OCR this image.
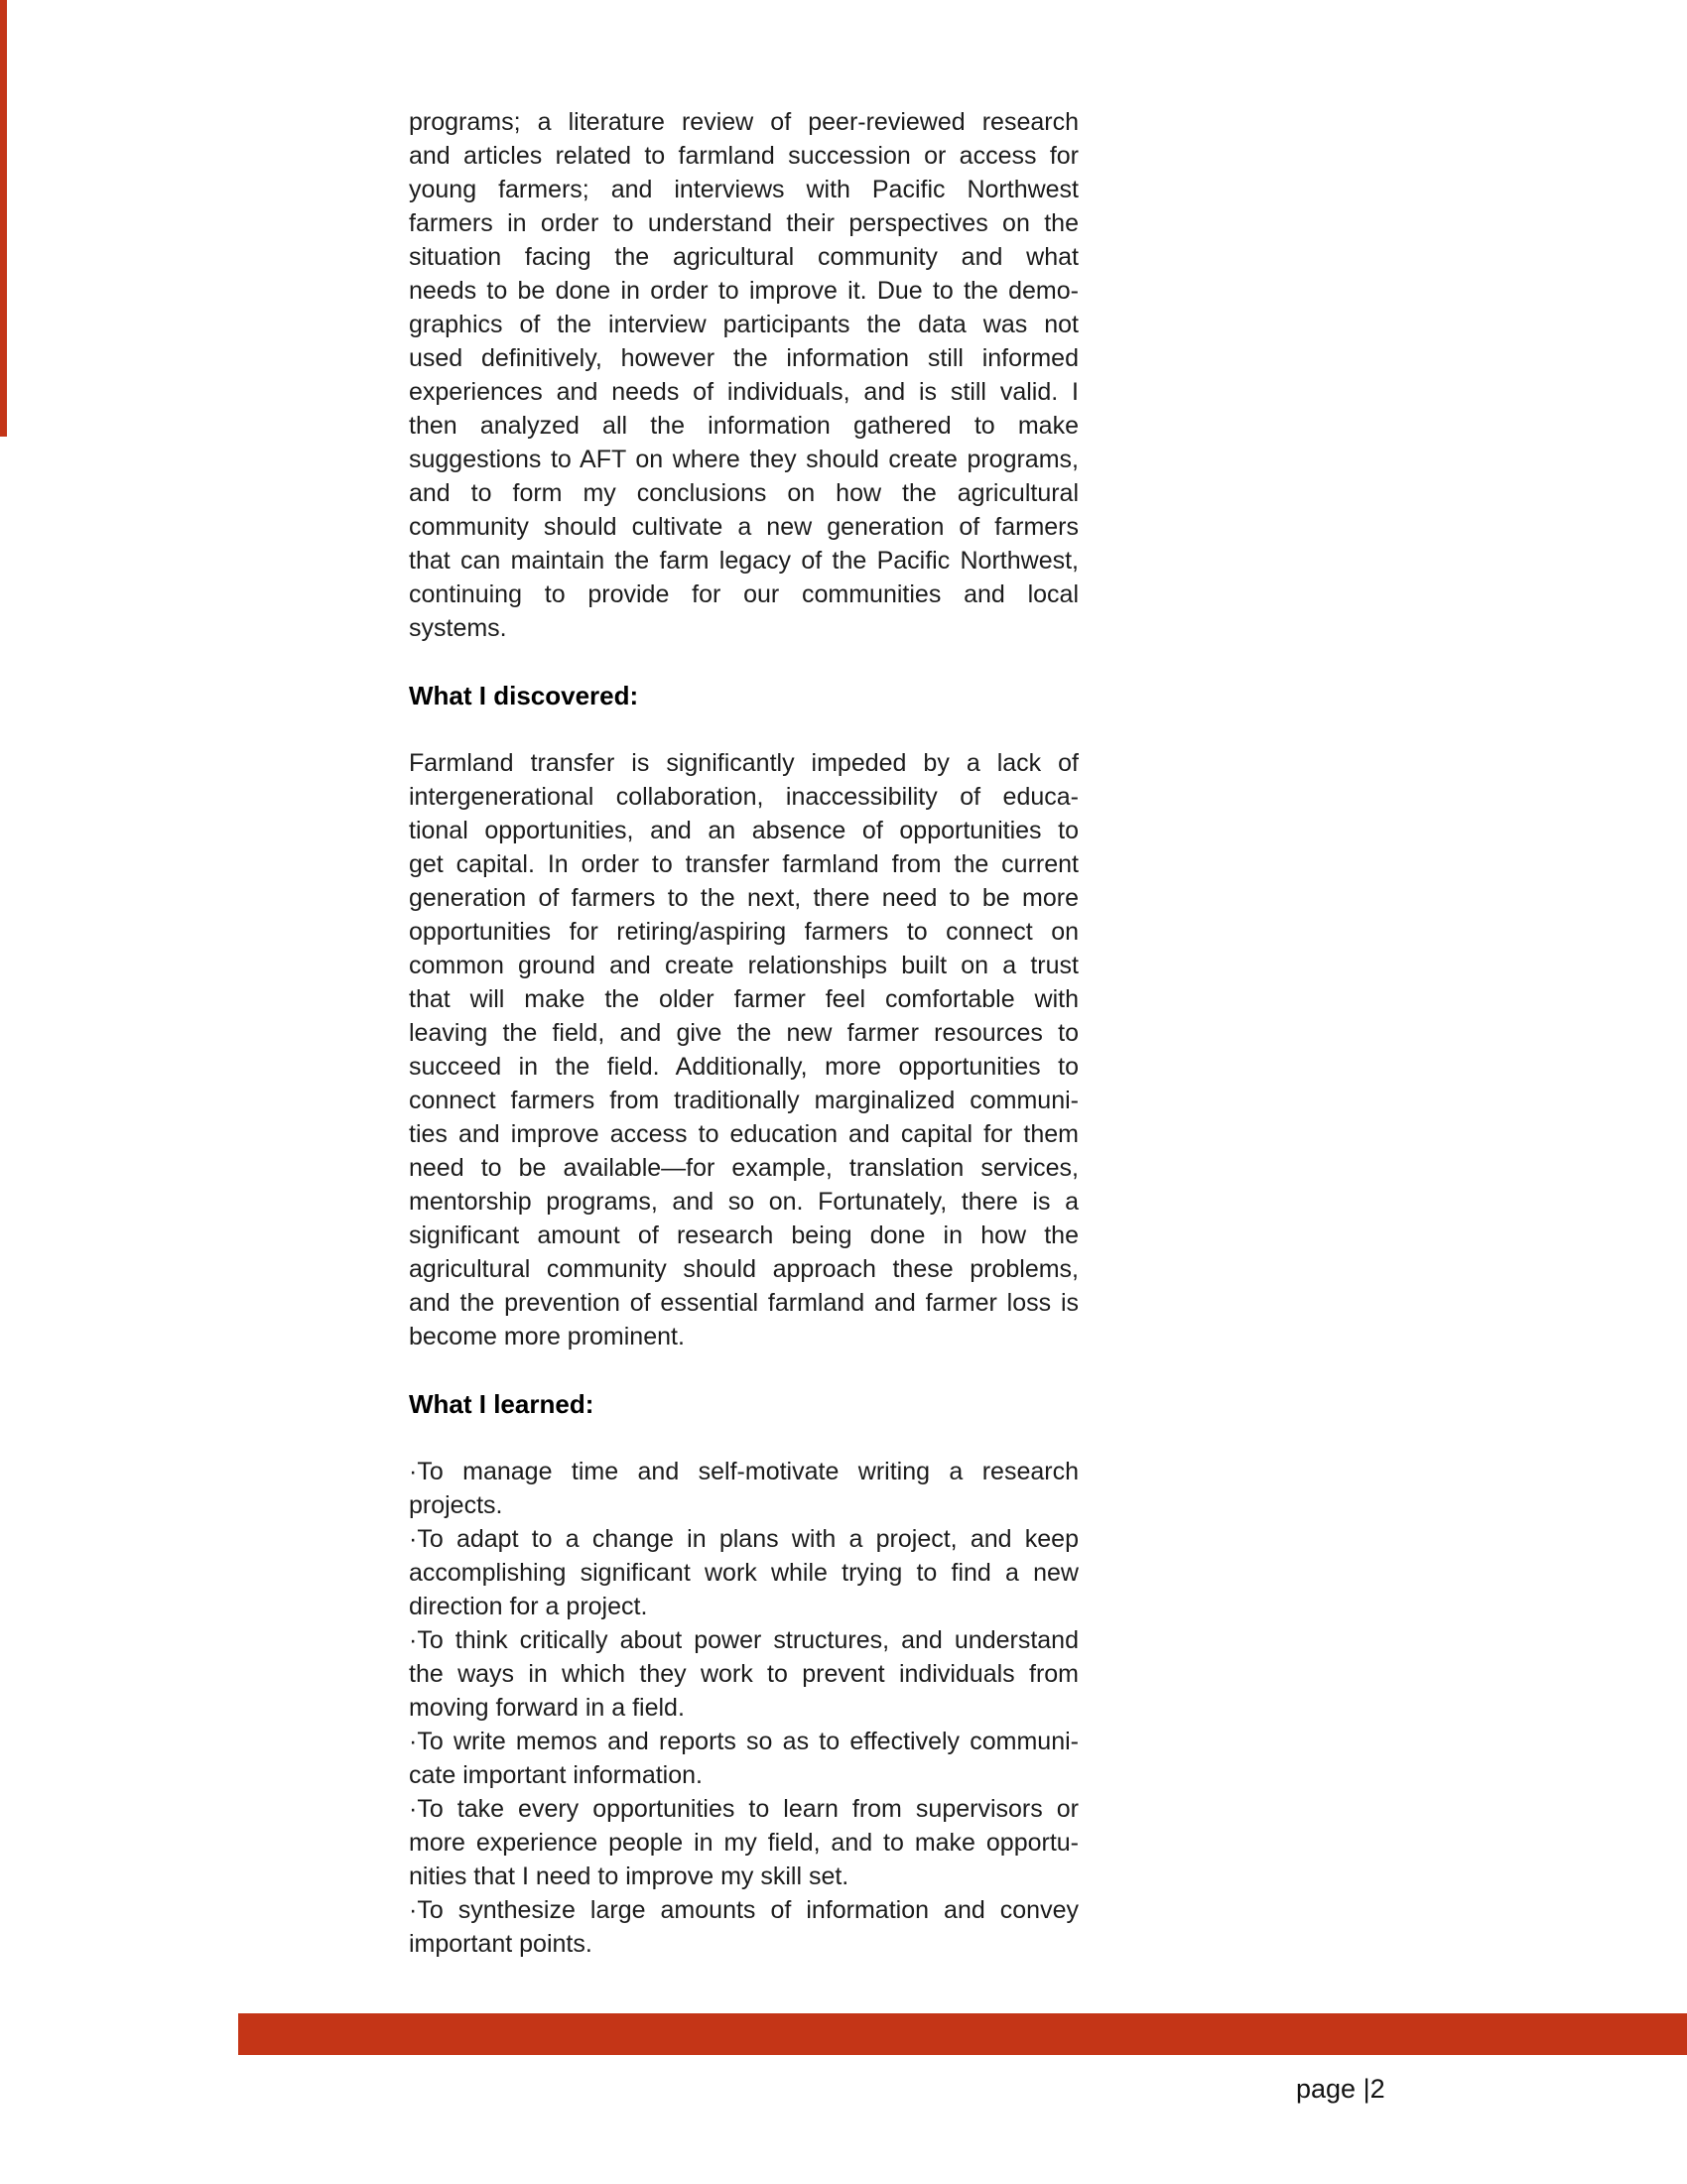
programs; a literature review of peer-reviewed research
and articles related to farmland succession or access for
young farmers; and interviews with Pacific Northwest
farmers in order to understand their perspectives on the
situation facing the agricultural community and what
needs to be done in order to improve it. Due to the demo-
graphics of the interview participants the data was not
used definitively, however the information still informed
experiences and needs of individuals, and is still valid. I
then analyzed all the information gathered to make
suggestions to AFT on where they should create programs,
and to form my conclusions on how the agricultural
community should cultivate a new generation of farmers
that can maintain the farm legacy of the Pacific Northwest,
continuing to provide for our communities and local
systems.
What I discovered:
Farmland transfer is significantly impeded by a lack of
intergenerational collaboration, inaccessibility of educa-
tional opportunities, and an absence of opportunities to
get capital. In order to transfer farmland from the current
generation of farmers to the next, there need to be more
opportunities for retiring/aspiring farmers to connect on
common ground and create relationships built on a trust
that will make the older farmer feel comfortable with
leaving the field, and give the new farmer resources to
succeed in the field. Additionally, more opportunities to
connect farmers from traditionally marginalized communi-
ties and improve access to education and capital for them
need to be available—for example, translation services,
mentorship programs, and so on. Fortunately, there is a
significant amount of research being done in how the
agricultural community should approach these problems,
and the prevention of essential farmland and farmer loss is
become more prominent.
What I learned:
·To manage time and self-motivate writing a research
projects.
·To adapt to a change in plans with a project, and keep
accomplishing significant work while trying to find a new
direction for a project.
·To think critically about power structures, and understand
the ways in which they work to prevent individuals from
moving forward in a field.
·To write memos and reports so as to effectively communi-
cate important information.
·To take every opportunities to learn from supervisors or
more experience people in my field, and to make opportu-
nities that I need to improve my skill set.
·To synthesize large amounts of information and convey
important points.
page |2
